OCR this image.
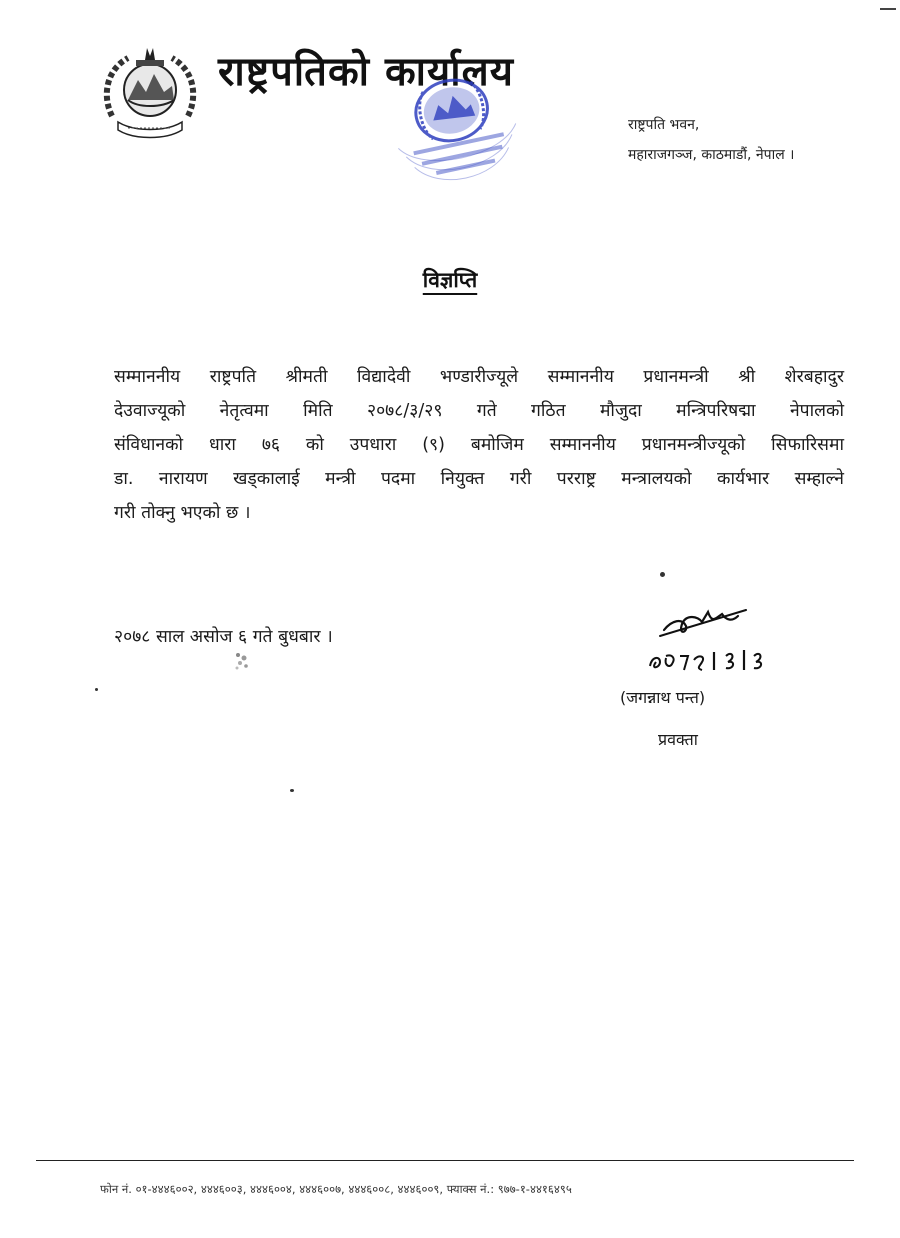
राष्ट्रपतिको कार्यालय
राष्ट्रपति भवन,
महाराजगञ्ज, काठमाडौं, नेपाल ।
विज्ञप्ति
सम्माननीय राष्ट्रपति श्रीमती विद्यादेवी भण्डारीज्यूले सम्माननीय प्रधानमन्त्री श्री शेरबहादुर
देउवाज्यूको नेतृत्वमा मिति २०७८/३/२९ गते गठित मौजुदा मन्त्रिपरिषद्मा नेपालको
संविधानको धारा ७६ को उपधारा (९) बमोजिम सम्माननीय प्रधानमन्त्रीज्यूको सिफारिसमा
डा. नारायण खड्कालाई मन्त्री पदमा नियुक्त गरी परराष्ट्र मन्त्रालयको कार्यभार सम्हाल्ने
गरी तोक्नु भएको छ ।
२०७८ साल असोज ६ गते बुधबार ।
(जगन्नाथ पन्त)
प्रवक्ता
फोन नं. ०१-४४४६००२, ४४४६००३, ४४४६००४, ४४४६००७, ४४४६००८, ४४४६००९, फ्याक्स नं.: ९७७-१-४४१६४९५
